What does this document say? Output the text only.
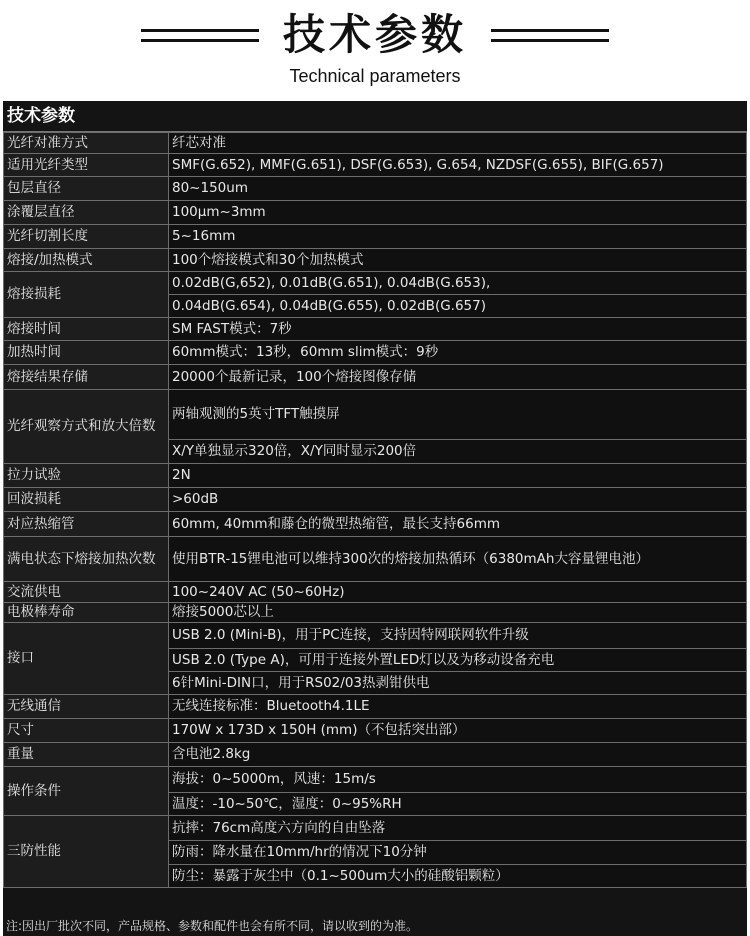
技术参数
Technical parameters
技术参数
光纤对准方式	纤芯对准
适用光纤类型	SMF(G.652), MMF(G.651), DSF(G.653), G.654, NZDSF(G.655), BIF(G.657)
包层直径	80~150um
涂覆层直径	100μm~3mm
光纤切割长度	5~16mm
熔接/加热模式	100个熔接模式和30个加热模式
熔接损耗	0.02dB(G,652), 0.01dB(G.651), 0.04dB(G.653),
	0.04dB(G.654), 0.04dB(G.655), 0.02dB(G.657)
熔接时间	SM FAST模式：7秒
加热时间	60mm模式：13秒，60mm slim模式：9秒
熔接结果存储	20000个最新记录，100个熔接图像存储
光纤观察方式和放大倍数	两轴观测的5英寸TFT触摸屏
	X/Y单独显示320倍，X/Y同时显示200倍
拉力试验	2N
回波损耗	>60dB
对应热缩管	60mm, 40mm和藤仓的微型热缩管，最长支持66mm
满电状态下熔接加热次数	使用BTR-15锂电池可以维持300次的熔接加热循环（6380mAh大容量锂电池）
交流供电	100~240V AC (50~60Hz)
电极棒寿命	熔接5000芯以上
接口	USB 2.0 (Mini-B)，用于PC连接，支持因特网联网软件升级
	USB 2.0 (Type A)，可用于连接外置LED灯以及为移动设备充电
	6针Mini-DIN口，用于RS02/03热剥钳供电
无线通信	无线连接标准：Bluetooth4.1LE
尺寸	170W x 173D x 150H (mm)（不包括突出部）
重量	含电池2.8kg
操作条件	海拔：0~5000m，风速：15m/s
	温度：-10~50℃，湿度：0~95%RH
三防性能	抗摔：76cm高度六方向的自由坠落
	防雨：降水量在10mm/hr的情况下10分钟
	防尘：暴露于灰尘中（0.1~500um大小的硅酸铝颗粒）
注:因出厂批次不同，产品规格、参数和配件也会有所不同，请以收到的为准。
